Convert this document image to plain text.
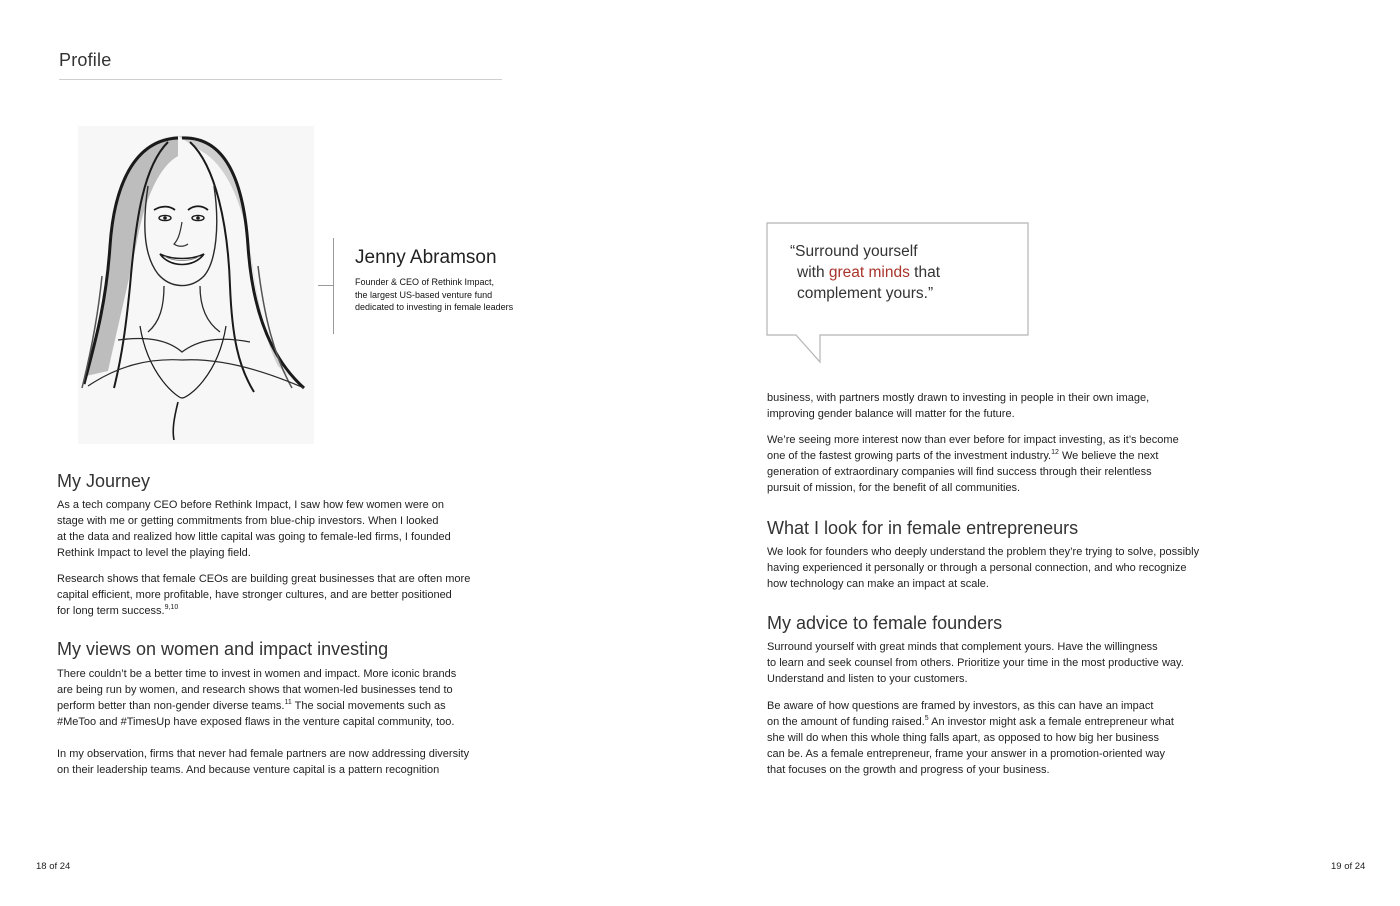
Profile
Jenny Abramson
Founder & CEO of Rethink Impact,
the largest US-based venture fund
dedicated to investing in female leaders
My Journey
As a tech company CEO before Rethink Impact, I saw how few women were on
stage with me or getting commitments from blue-chip investors. When I looked
at the data and realized how little capital was going to female-led firms, I founded
Rethink Impact to level the playing field.
Research shows that female CEOs are building great businesses that are often more
capital efficient, more profitable, have stronger cultures, and are better positioned
for long term success.$^{9,10}$
My views on women and impact investing
There couldn’t be a better time to invest in women and impact. More iconic brands
are being run by women, and research shows that women-led businesses tend to
perform better than non-gender diverse teams.$^{11}$ The social movements such as
#MeToo and #TimesUp have exposed flaws in the venture capital community, too.
In my observation, firms that never had female partners are now addressing diversity
on their leadership teams. And because venture capital is a pattern recognition
“Surround yourself
with great minds that
complement yours.”
business, with partners mostly drawn to investing in people in their own image,
improving gender balance will matter for the future.
We’re seeing more interest now than ever before for impact investing, as it’s become
one of the fastest growing parts of the investment industry.$^{12}$ We believe the next
generation of extraordinary companies will find success through their relentless
pursuit of mission, for the benefit of all communities.
What I look for in female entrepreneurs
We look for founders who deeply understand the problem they’re trying to solve, possibly
having experienced it personally or through a personal connection, and who recognize
how technology can make an impact at scale.
My advice to female founders
Surround yourself with great minds that complement yours. Have the willingness
to learn and seek counsel from others. Prioritize your time in the most productive way.
Understand and listen to your customers.
Be aware of how questions are framed by investors, as this can have an impact
on the amount of funding raised.$^5$ An investor might ask a female entrepreneur what
she will do when this whole thing falls apart, as opposed to how big her business
can be. As a female entrepreneur, frame your answer in a promotion-oriented way
that focuses on the growth and progress of your business.
18 of 24	19 of 24
